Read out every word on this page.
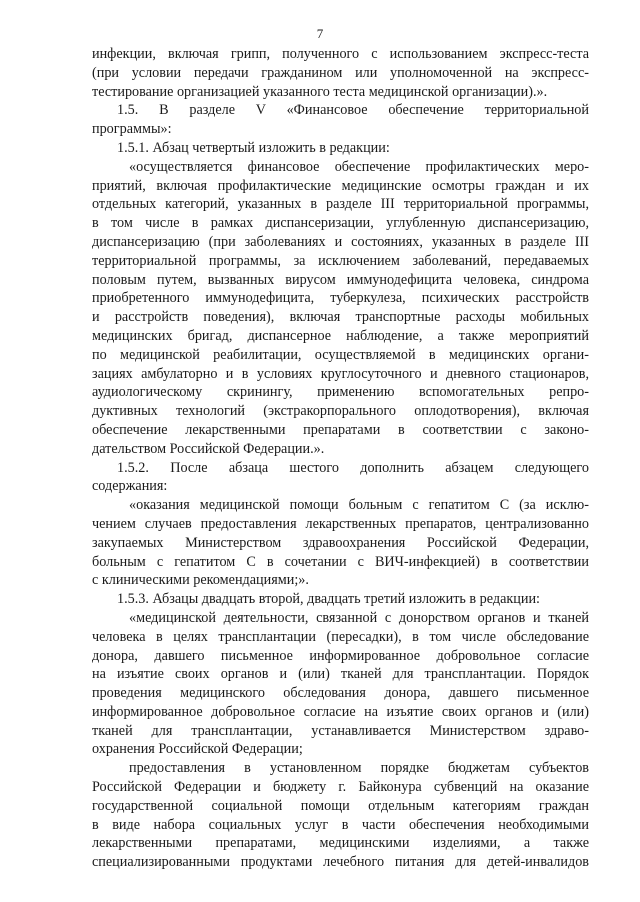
7
инфекции, включая грипп, полученного с использованием экспресс-теста
(при условии передачи гражданином или уполномоченной на экспресс-
тестирование организацией указанного теста медицинской организации).».
1.5. В разделе V «Финансовое обеспечение территориальной
программы»:
1.5.1. Абзац четвертый изложить в редакции:
«осуществляется финансовое обеспечение профилактических меро-
приятий, включая профилактические медицинские осмотры граждан и их
отдельных категорий, указанных в разделе III территориальной программы,
в том числе в рамках диспансеризации, углубленную диспансеризацию,
диспансеризацию (при заболеваниях и состояниях, указанных в разделе III
территориальной программы, за исключением заболеваний, передаваемых
половым путем, вызванных вирусом иммунодефицита человека, синдрома
приобретенного иммунодефицита, туберкулеза, психических расстройств
и расстройств поведения), включая транспортные расходы мобильных
медицинских бригад, диспансерное наблюдение, а также мероприятий
по медицинской реабилитации, осуществляемой в медицинских органи-
зациях амбулаторно и в условиях круглосуточного и дневного стационаров,
аудиологическому скринингу, применению вспомогательных репро-
дуктивных технологий (экстракорпорального оплодотворения), включая
обеспечение лекарственными препаратами в соответствии с законо-
дательством Российской Федерации.».
1.5.2. После абзаца шестого дополнить абзацем следующего
содержания:
«оказания медицинской помощи больным с гепатитом С (за исклю-
чением случаев предоставления лекарственных препаратов, централизованно
закупаемых Министерством здравоохранения Российской Федерации,
больным с гепатитом С в сочетании с ВИЧ-инфекцией) в соответствии
с клиническими рекомендациями;».
1.5.3. Абзацы двадцать второй, двадцать третий изложить в редакции:
«медицинской деятельности, связанной с донорством органов и тканей
человека в целях трансплантации (пересадки), в том числе обследование
донора, давшего письменное информированное добровольное согласие
на изъятие своих органов и (или) тканей для трансплантации. Порядок
проведения медицинского обследования донора, давшего письменное
информированное добровольное согласие на изъятие своих органов и (или)
тканей для трансплантации, устанавливается Министерством здраво-
охранения Российской Федерации;
предоставления в установленном порядке бюджетам субъектов
Российской Федерации и бюджету г. Байконура субвенций на оказание
государственной социальной помощи отдельным категориям граждан
в виде набора социальных услуг в части обеспечения необходимыми
лекарственными препаратами, медицинскими изделиями, а также
специализированными продуктами лечебного питания для детей-инвалидов
